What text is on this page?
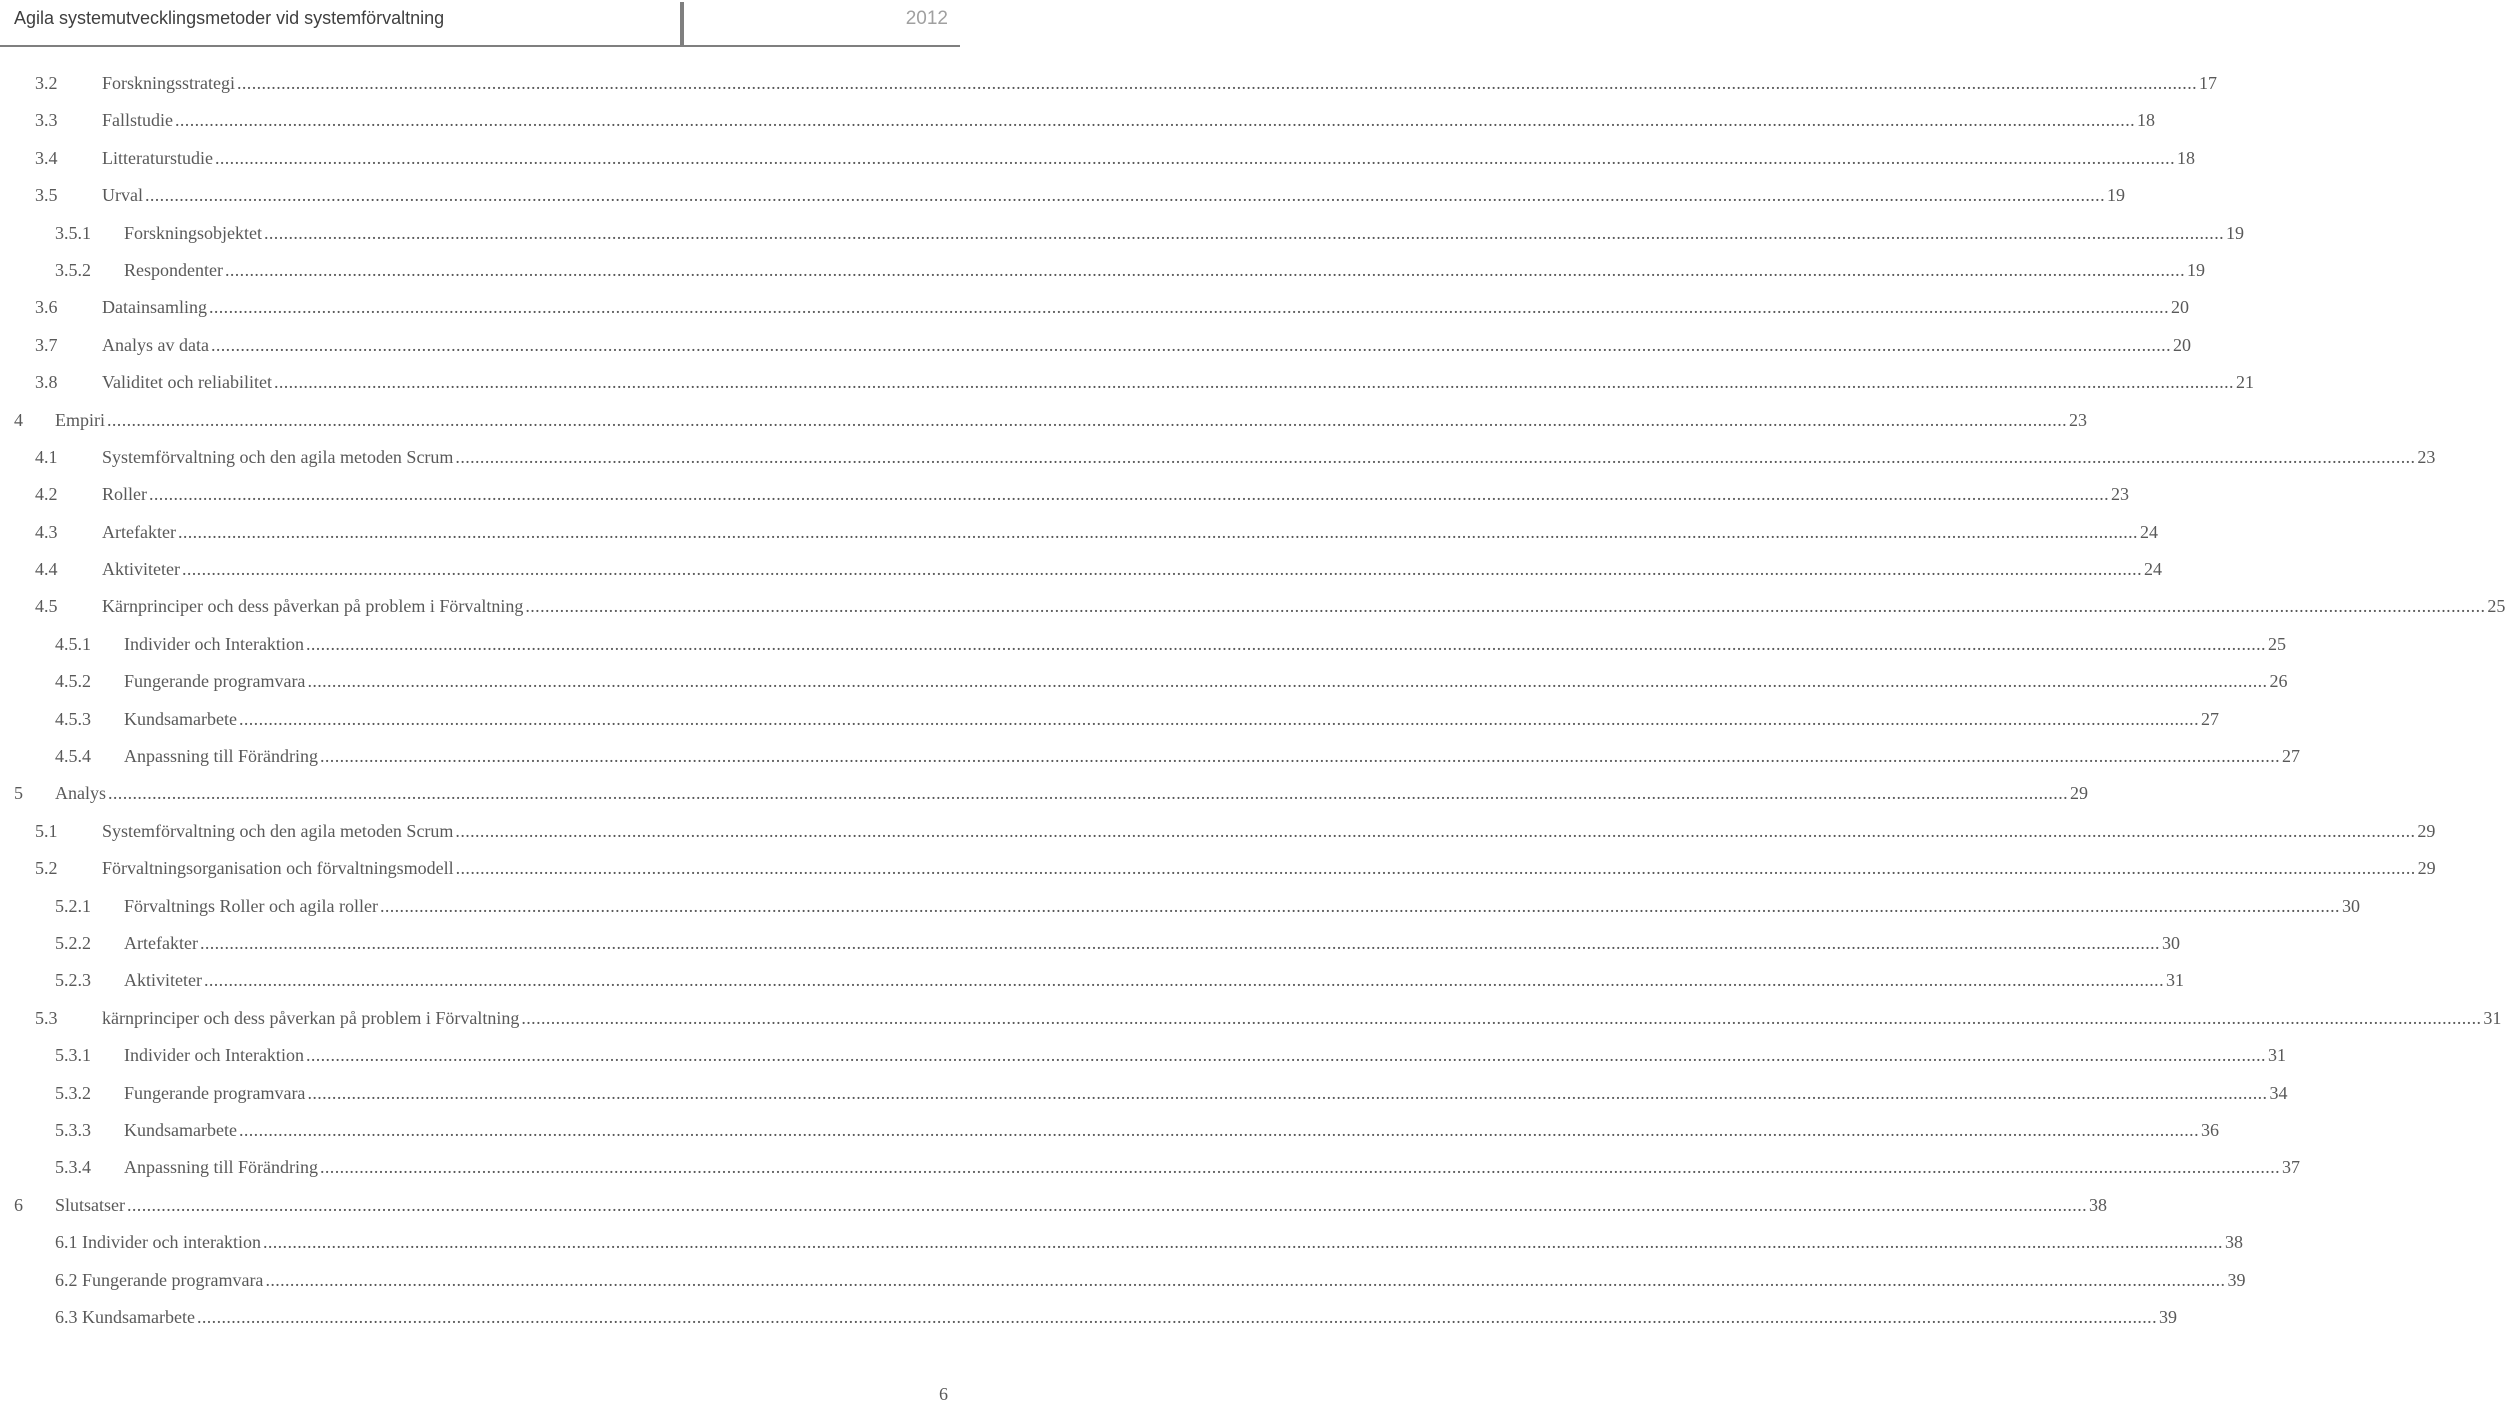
Agila systemutvecklingsmetoder vid systemförvaltning	2012
3.2 Forskningsstrategi ................................................................................................................................................................................................................................................................................................................................................................................................................ 17
3.3 Fallstudie ................................................................................................................................................................................................................................................................................................................................................................................................................ 18
3.4 Litteraturstudie ................................................................................................................................................................................................................................................................................................................................................................................................................ 18
3.5 Urval ................................................................................................................................................................................................................................................................................................................................................................................................................ 19
3.5.1 Forskningsobjektet ................................................................................................................................................................................................................................................................................................................................................................................................................ 19
3.5.2 Respondenter ................................................................................................................................................................................................................................................................................................................................................................................................................ 19
3.6 Datainsamling ................................................................................................................................................................................................................................................................................................................................................................................................................ 20
3.7 Analys av data ................................................................................................................................................................................................................................................................................................................................................................................................................ 20
3.8 Validitet och reliabilitet ................................................................................................................................................................................................................................................................................................................................................................................................................ 21
4 Empiri ................................................................................................................................................................................................................................................................................................................................................................................................................ 23
4.1 Systemförvaltning och den agila metoden Scrum ................................................................................................................................................................................................................................................................................................................................................................................................................ 23
4.2 Roller ................................................................................................................................................................................................................................................................................................................................................................................................................ 23
4.3 Artefakter ................................................................................................................................................................................................................................................................................................................................................................................................................ 24
4.4 Aktiviteter ................................................................................................................................................................................................................................................................................................................................................................................................................ 24
4.5 Kärnprinciper och dess påverkan på problem i Förvaltning ................................................................................................................................................................................................................................................................................................................................................................................................................ 25
4.5.1 Individer och Interaktion ................................................................................................................................................................................................................................................................................................................................................................................................................ 25
4.5.2 Fungerande programvara ................................................................................................................................................................................................................................................................................................................................................................................................................ 26
4.5.3 Kundsamarbete ................................................................................................................................................................................................................................................................................................................................................................................................................ 27
4.5.4 Anpassning till Förändring ................................................................................................................................................................................................................................................................................................................................................................................................................ 27
5 Analys ................................................................................................................................................................................................................................................................................................................................................................................................................ 29
5.1 Systemförvaltning och den agila metoden Scrum ................................................................................................................................................................................................................................................................................................................................................................................................................ 29
5.2 Förvaltningsorganisation och förvaltningsmodell ................................................................................................................................................................................................................................................................................................................................................................................................................ 29
5.2.1 Förvaltnings Roller och agila roller ................................................................................................................................................................................................................................................................................................................................................................................................................ 30
5.2.2 Artefakter ................................................................................................................................................................................................................................................................................................................................................................................................................ 30
5.2.3 Aktiviteter ................................................................................................................................................................................................................................................................................................................................................................................................................ 31
5.3 kärnprinciper och dess påverkan på problem i Förvaltning ................................................................................................................................................................................................................................................................................................................................................................................................................ 31
5.3.1 Individer och Interaktion ................................................................................................................................................................................................................................................................................................................................................................................................................ 31
5.3.2 Fungerande programvara ................................................................................................................................................................................................................................................................................................................................................................................................................ 34
5.3.3 Kundsamarbete ................................................................................................................................................................................................................................................................................................................................................................................................................ 36
5.3.4 Anpassning till Förändring ................................................................................................................................................................................................................................................................................................................................................................................................................ 37
6 Slutsatser ................................................................................................................................................................................................................................................................................................................................................................................................................ 38
6.1 Individer och interaktion ................................................................................................................................................................................................................................................................................................................................................................................................................ 38
6.2 Fungerande programvara ................................................................................................................................................................................................................................................................................................................................................................................................................ 39
6.3 Kundsamarbete ................................................................................................................................................................................................................................................................................................................................................................................................................ 39
6
